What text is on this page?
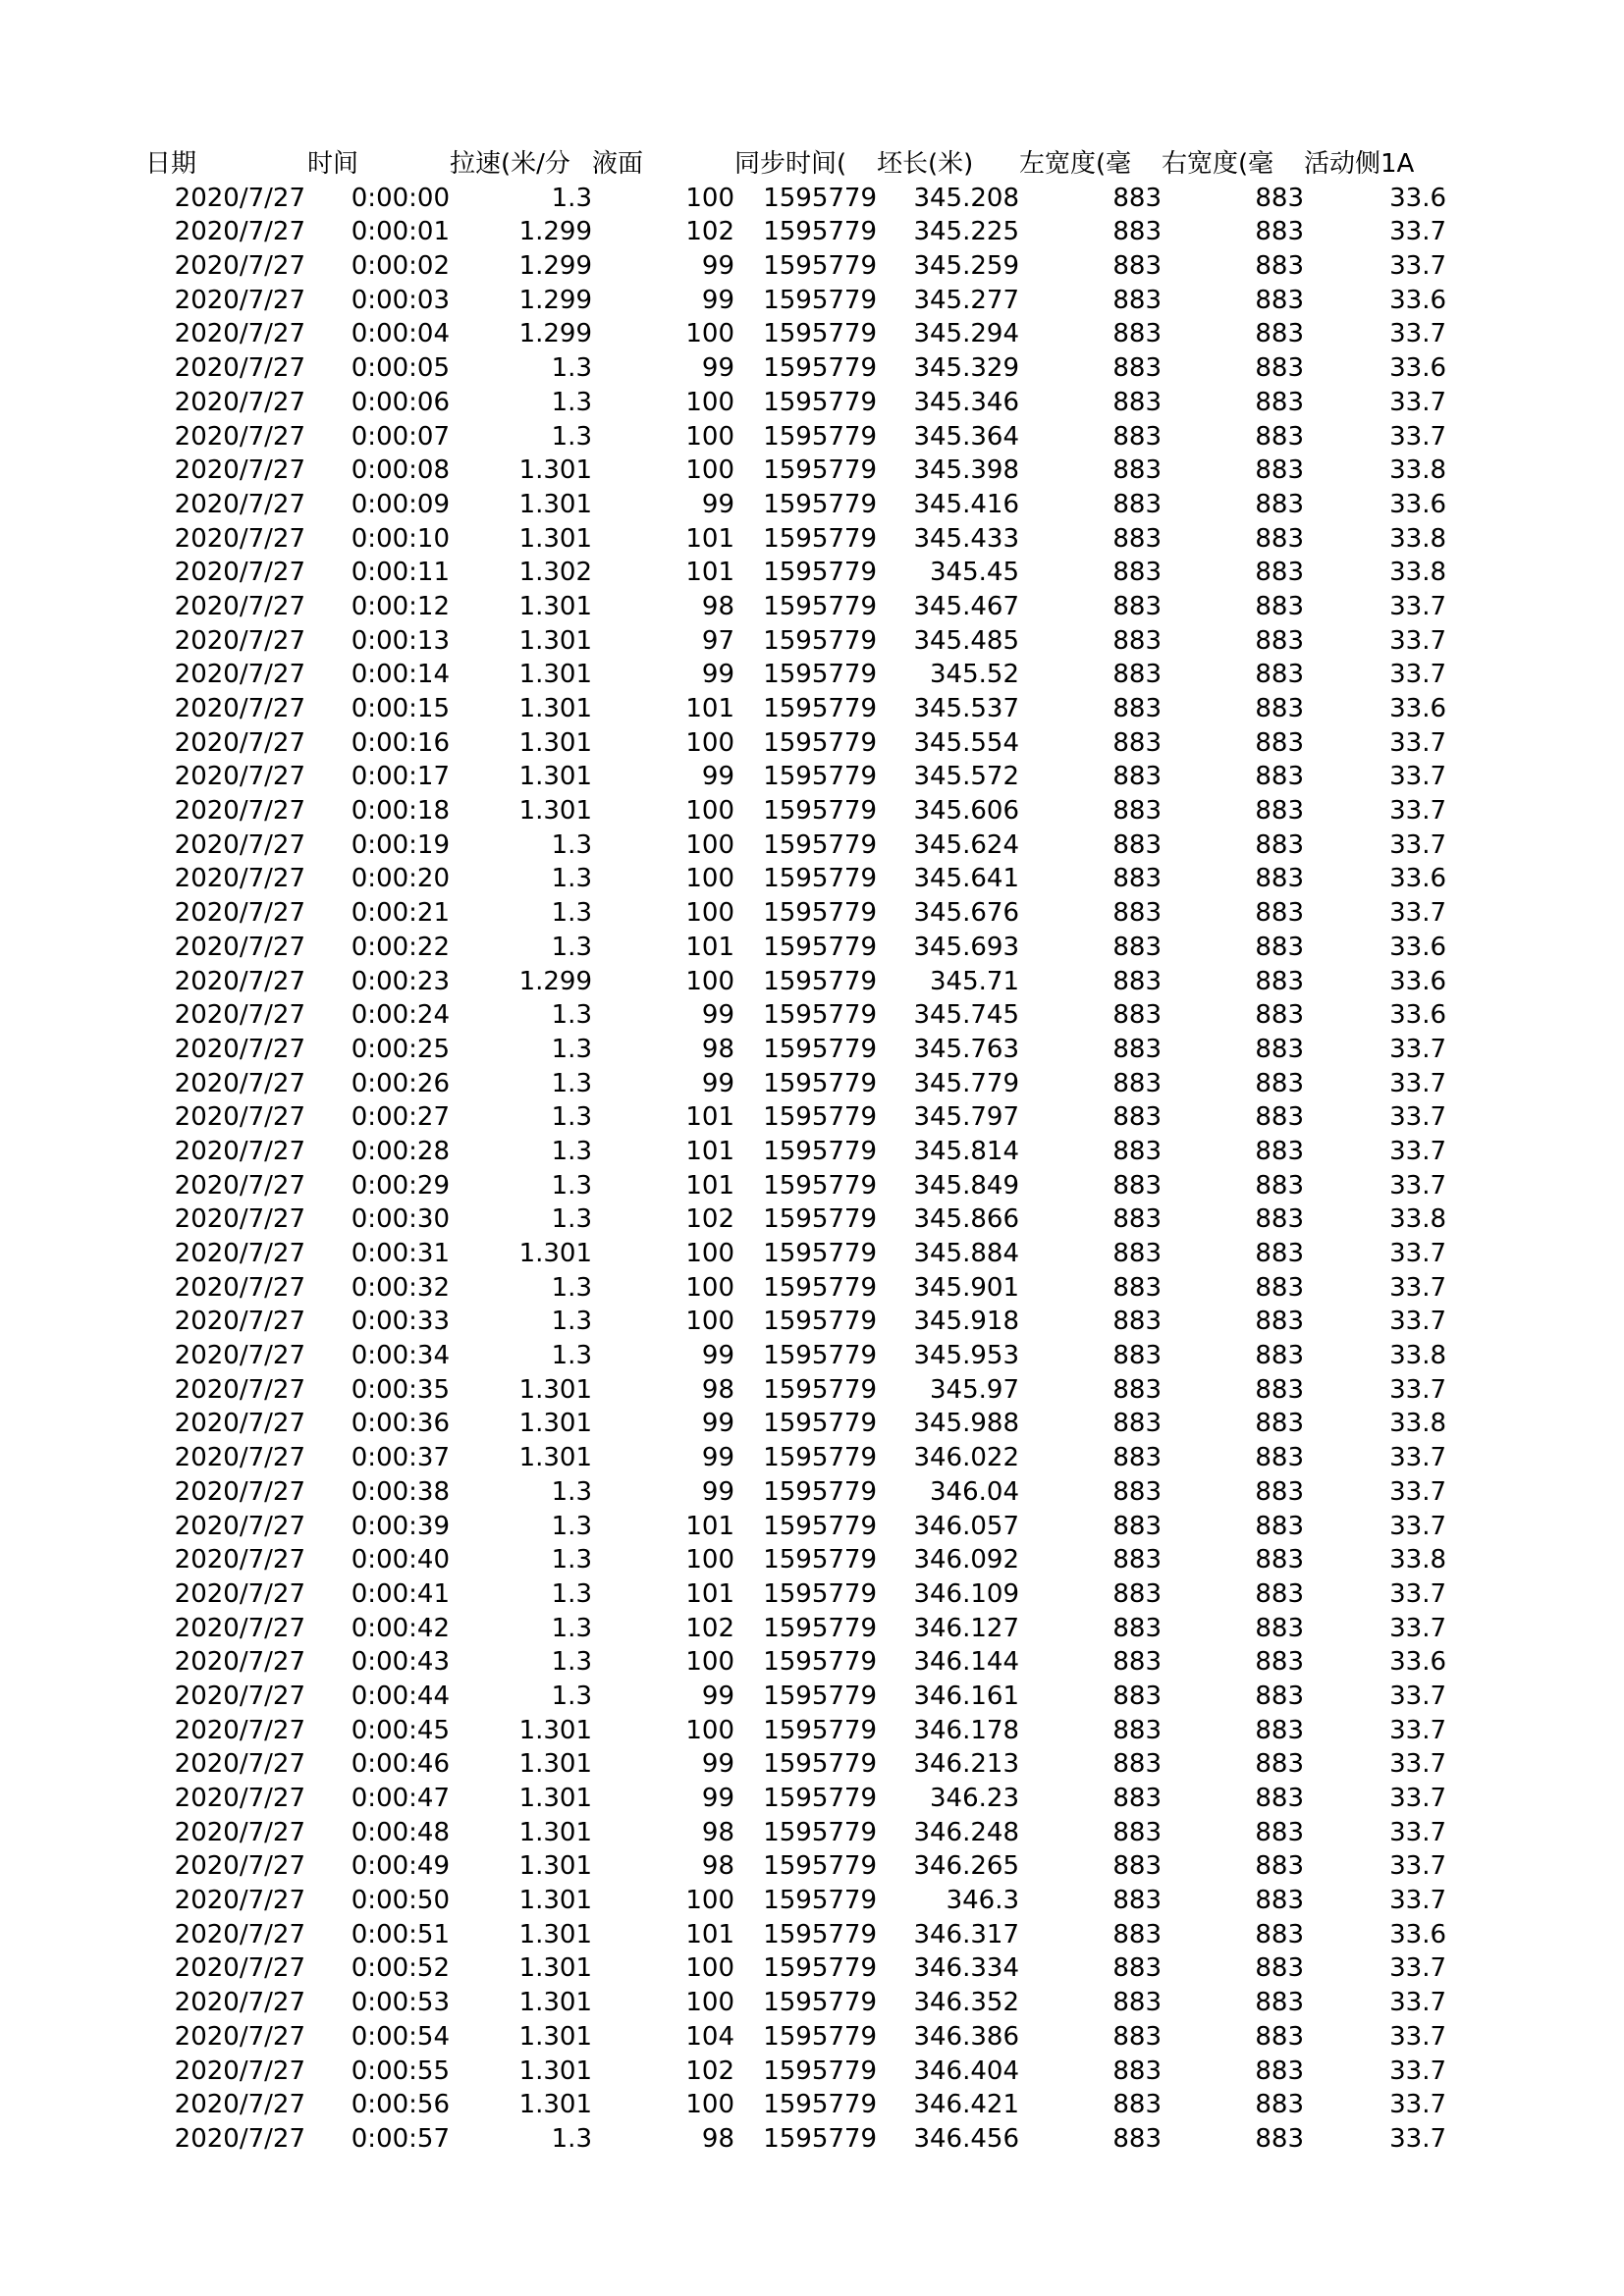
日期	时间	拉速(米/分 液面	同步时间(	坯长(米)	左宽度(毫	右宽度(毫	活动侧1A
2020/7/27	0:00:00	1.3	100	1595779	345.208	883	883	33.6
2020/7/27	0:00:01	1.299	102	1595779	345.225	883	883	33.7
2020/7/27	0:00:02	1.299	99	1595779	345.259	883	883	33.7
2020/7/27	0:00:03	1.299	99	1595779	345.277	883	883	33.6
2020/7/27	0:00:04	1.299	100	1595779	345.294	883	883	33.7
2020/7/27	0:00:05	1.3	99	1595779	345.329	883	883	33.6
2020/7/27	0:00:06	1.3	100	1595779	345.346	883	883	33.7
2020/7/27	0:00:07	1.3	100	1595779	345.364	883	883	33.7
2020/7/27	0:00:08	1.301	100	1595779	345.398	883	883	33.8
2020/7/27	0:00:09	1.301	99	1595779	345.416	883	883	33.6
2020/7/27	0:00:10	1.301	101	1595779	345.433	883	883	33.8
2020/7/27	0:00:11	1.302	101	1595779	345.45	883	883	33.8
2020/7/27	0:00:12	1.301	98	1595779	345.467	883	883	33.7
2020/7/27	0:00:13	1.301	97	1595779	345.485	883	883	33.7
2020/7/27	0:00:14	1.301	99	1595779	345.52	883	883	33.7
2020/7/27	0:00:15	1.301	101	1595779	345.537	883	883	33.6
2020/7/27	0:00:16	1.301	100	1595779	345.554	883	883	33.7
2020/7/27	0:00:17	1.301	99	1595779	345.572	883	883	33.7
2020/7/27	0:00:18	1.301	100	1595779	345.606	883	883	33.7
2020/7/27	0:00:19	1.3	100	1595779	345.624	883	883	33.7
2020/7/27	0:00:20	1.3	100	1595779	345.641	883	883	33.6
2020/7/27	0:00:21	1.3	100	1595779	345.676	883	883	33.7
2020/7/27	0:00:22	1.3	101	1595779	345.693	883	883	33.6
2020/7/27	0:00:23	1.299	100	1595779	345.71	883	883	33.6
2020/7/27	0:00:24	1.3	99	1595779	345.745	883	883	33.6
2020/7/27	0:00:25	1.3	98	1595779	345.763	883	883	33.7
2020/7/27	0:00:26	1.3	99	1595779	345.779	883	883	33.7
2020/7/27	0:00:27	1.3	101	1595779	345.797	883	883	33.7
2020/7/27	0:00:28	1.3	101	1595779	345.814	883	883	33.7
2020/7/27	0:00:29	1.3	101	1595779	345.849	883	883	33.7
2020/7/27	0:00:30	1.3	102	1595779	345.866	883	883	33.8
2020/7/27	0:00:31	1.301	100	1595779	345.884	883	883	33.7
2020/7/27	0:00:32	1.3	100	1595779	345.901	883	883	33.7
2020/7/27	0:00:33	1.3	100	1595779	345.918	883	883	33.7
2020/7/27	0:00:34	1.3	99	1595779	345.953	883	883	33.8
2020/7/27	0:00:35	1.301	98	1595779	345.97	883	883	33.7
2020/7/27	0:00:36	1.301	99	1595779	345.988	883	883	33.8
2020/7/27	0:00:37	1.301	99	1595779	346.022	883	883	33.7
2020/7/27	0:00:38	1.3	99	1595779	346.04	883	883	33.7
2020/7/27	0:00:39	1.3	101	1595779	346.057	883	883	33.7
2020/7/27	0:00:40	1.3	100	1595779	346.092	883	883	33.8
2020/7/27	0:00:41	1.3	101	1595779	346.109	883	883	33.7
2020/7/27	0:00:42	1.3	102	1595779	346.127	883	883	33.7
2020/7/27	0:00:43	1.3	100	1595779	346.144	883	883	33.6
2020/7/27	0:00:44	1.3	99	1595779	346.161	883	883	33.7
2020/7/27	0:00:45	1.301	100	1595779	346.178	883	883	33.7
2020/7/27	0:00:46	1.301	99	1595779	346.213	883	883	33.7
2020/7/27	0:00:47	1.301	99	1595779	346.23	883	883	33.7
2020/7/27	0:00:48	1.301	98	1595779	346.248	883	883	33.7
2020/7/27	0:00:49	1.301	98	1595779	346.265	883	883	33.7
2020/7/27	0:00:50	1.301	100	1595779	346.3	883	883	33.7
2020/7/27	0:00:51	1.301	101	1595779	346.317	883	883	33.6
2020/7/27	0:00:52	1.301	100	1595779	346.334	883	883	33.7
2020/7/27	0:00:53	1.301	100	1595779	346.352	883	883	33.7
2020/7/27	0:00:54	1.301	104	1595779	346.386	883	883	33.7
2020/7/27	0:00:55	1.301	102	1595779	346.404	883	883	33.7
2020/7/27	0:00:56	1.301	100	1595779	346.421	883	883	33.7
2020/7/27	0:00:57	1.3	98	1595779	346.456	883	883	33.7
